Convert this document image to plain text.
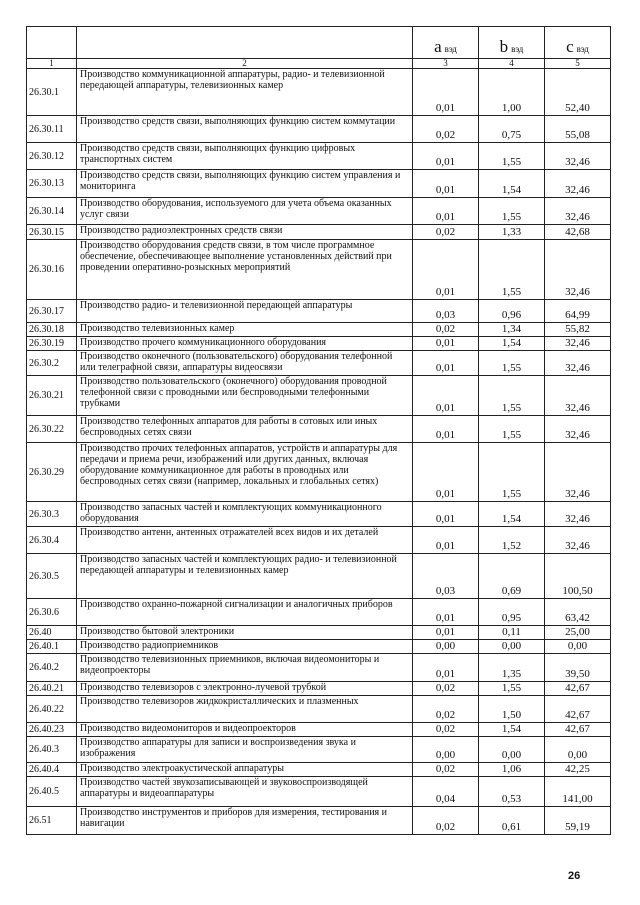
		a вэд	b вэд	c вэд
1	2	3	4	5
26.30.1	Производство коммуникационной аппаратуры, радио- и телевизионной передающей аппаратуры, телевизионных камер	0,01	1,00	52,40
26.30.11	Производство средств связи, выполняющих функцию систем коммутации	0,02	0,75	55,08
26.30.12	Производство средств связи, выполняющих функцию цифровых транспортных систем	0,01	1,55	32,46
26.30.13	Производство средств связи, выполняющих функцию систем управления и мониторинга	0,01	1,54	32,46
26.30.14	Производство оборудования, используемого для учета объема оказанных услуг связи	0,01	1,55	32,46
26.30.15	Производство радиоэлектронных средств связи	0,02	1,33	42,68
26.30.16	Производство оборудования средств связи, в том числе программное обеспечение, обеспечивающее выполнение установленных действий при проведении оперативно-розыскных мероприятий	0,01	1,55	32,46
26.30.17	Производство радио- и телевизионной передающей аппаратуры	0,03	0,96	64,99
26.30.18	Производство телевизионных камер	0,02	1,34	55,82
26.30.19	Производство прочего коммуникационного оборудования	0,01	1,54	32,46
26.30.2	Производство оконечного (пользовательского) оборудования телефонной или телеграфной связи, аппаратуры видеосвязи	0,01	1,55	32,46
26.30.21	Производство пользовательского (оконечного) оборудования проводной телефонной связи с проводными или беспроводными телефонными трубками	0,01	1,55	32,46
26.30.22	Производство телефонных аппаратов для работы в сотовых или иных беспроводных сетях связи	0,01	1,55	32,46
26.30.29	Производство прочих телефонных аппаратов, устройств и аппаратуры для передачи и приема речи, изображений или других данных, включая оборудование коммуникационное для работы в проводных или беспроводных сетях связи (например, локальных и глобальных сетях)	0,01	1,55	32,46
26.30.3	Производство запасных частей и комплектующих коммуникационного оборудования	0,01	1,54	32,46
26.30.4	Производство антенн, антенных отражателей всех видов и их деталей	0,01	1,52	32,46
26.30.5	Производство запасных частей и комплектующих радио- и телевизионной передающей аппаратуры и телевизионных камер	0,03	0,69	100,50
26.30.6	Производство охранно-пожарной сигнализации и аналогичных приборов	0,01	0,95	63,42
26.40	Производство бытовой электроники	0,01	0,11	25,00
26.40.1	Производство радиоприемников	0,00	0,00	0,00
26.40.2	Производство телевизионных приемников, включая видеомониторы и видеопроекторы	0,01	1,35	39,50
26.40.21	Производство телевизоров с электронно-лучевой трубкой	0,02	1,55	42,67
26.40.22	Производство телевизоров жидкокристаллических и плазменных	0,02	1,50	42,67
26.40.23	Производство видеомониторов и видеопроекторов	0,02	1,54	42,67
26.40.3	Производство аппаратуры для записи и воспроизведения звука и изображения	0,00	0,00	0,00
26.40.4	Производство электроакустической аппаратуры	0,02	1,06	42,25
26.40.5	Производство частей звукозаписывающей и звуковоспроизводящей аппаратуры и видеоаппаратуры	0,04	0,53	141,00
26.51	Производство инструментов и приборов для измерения, тестирования и навигации	0,02	0,61	59,19
26
